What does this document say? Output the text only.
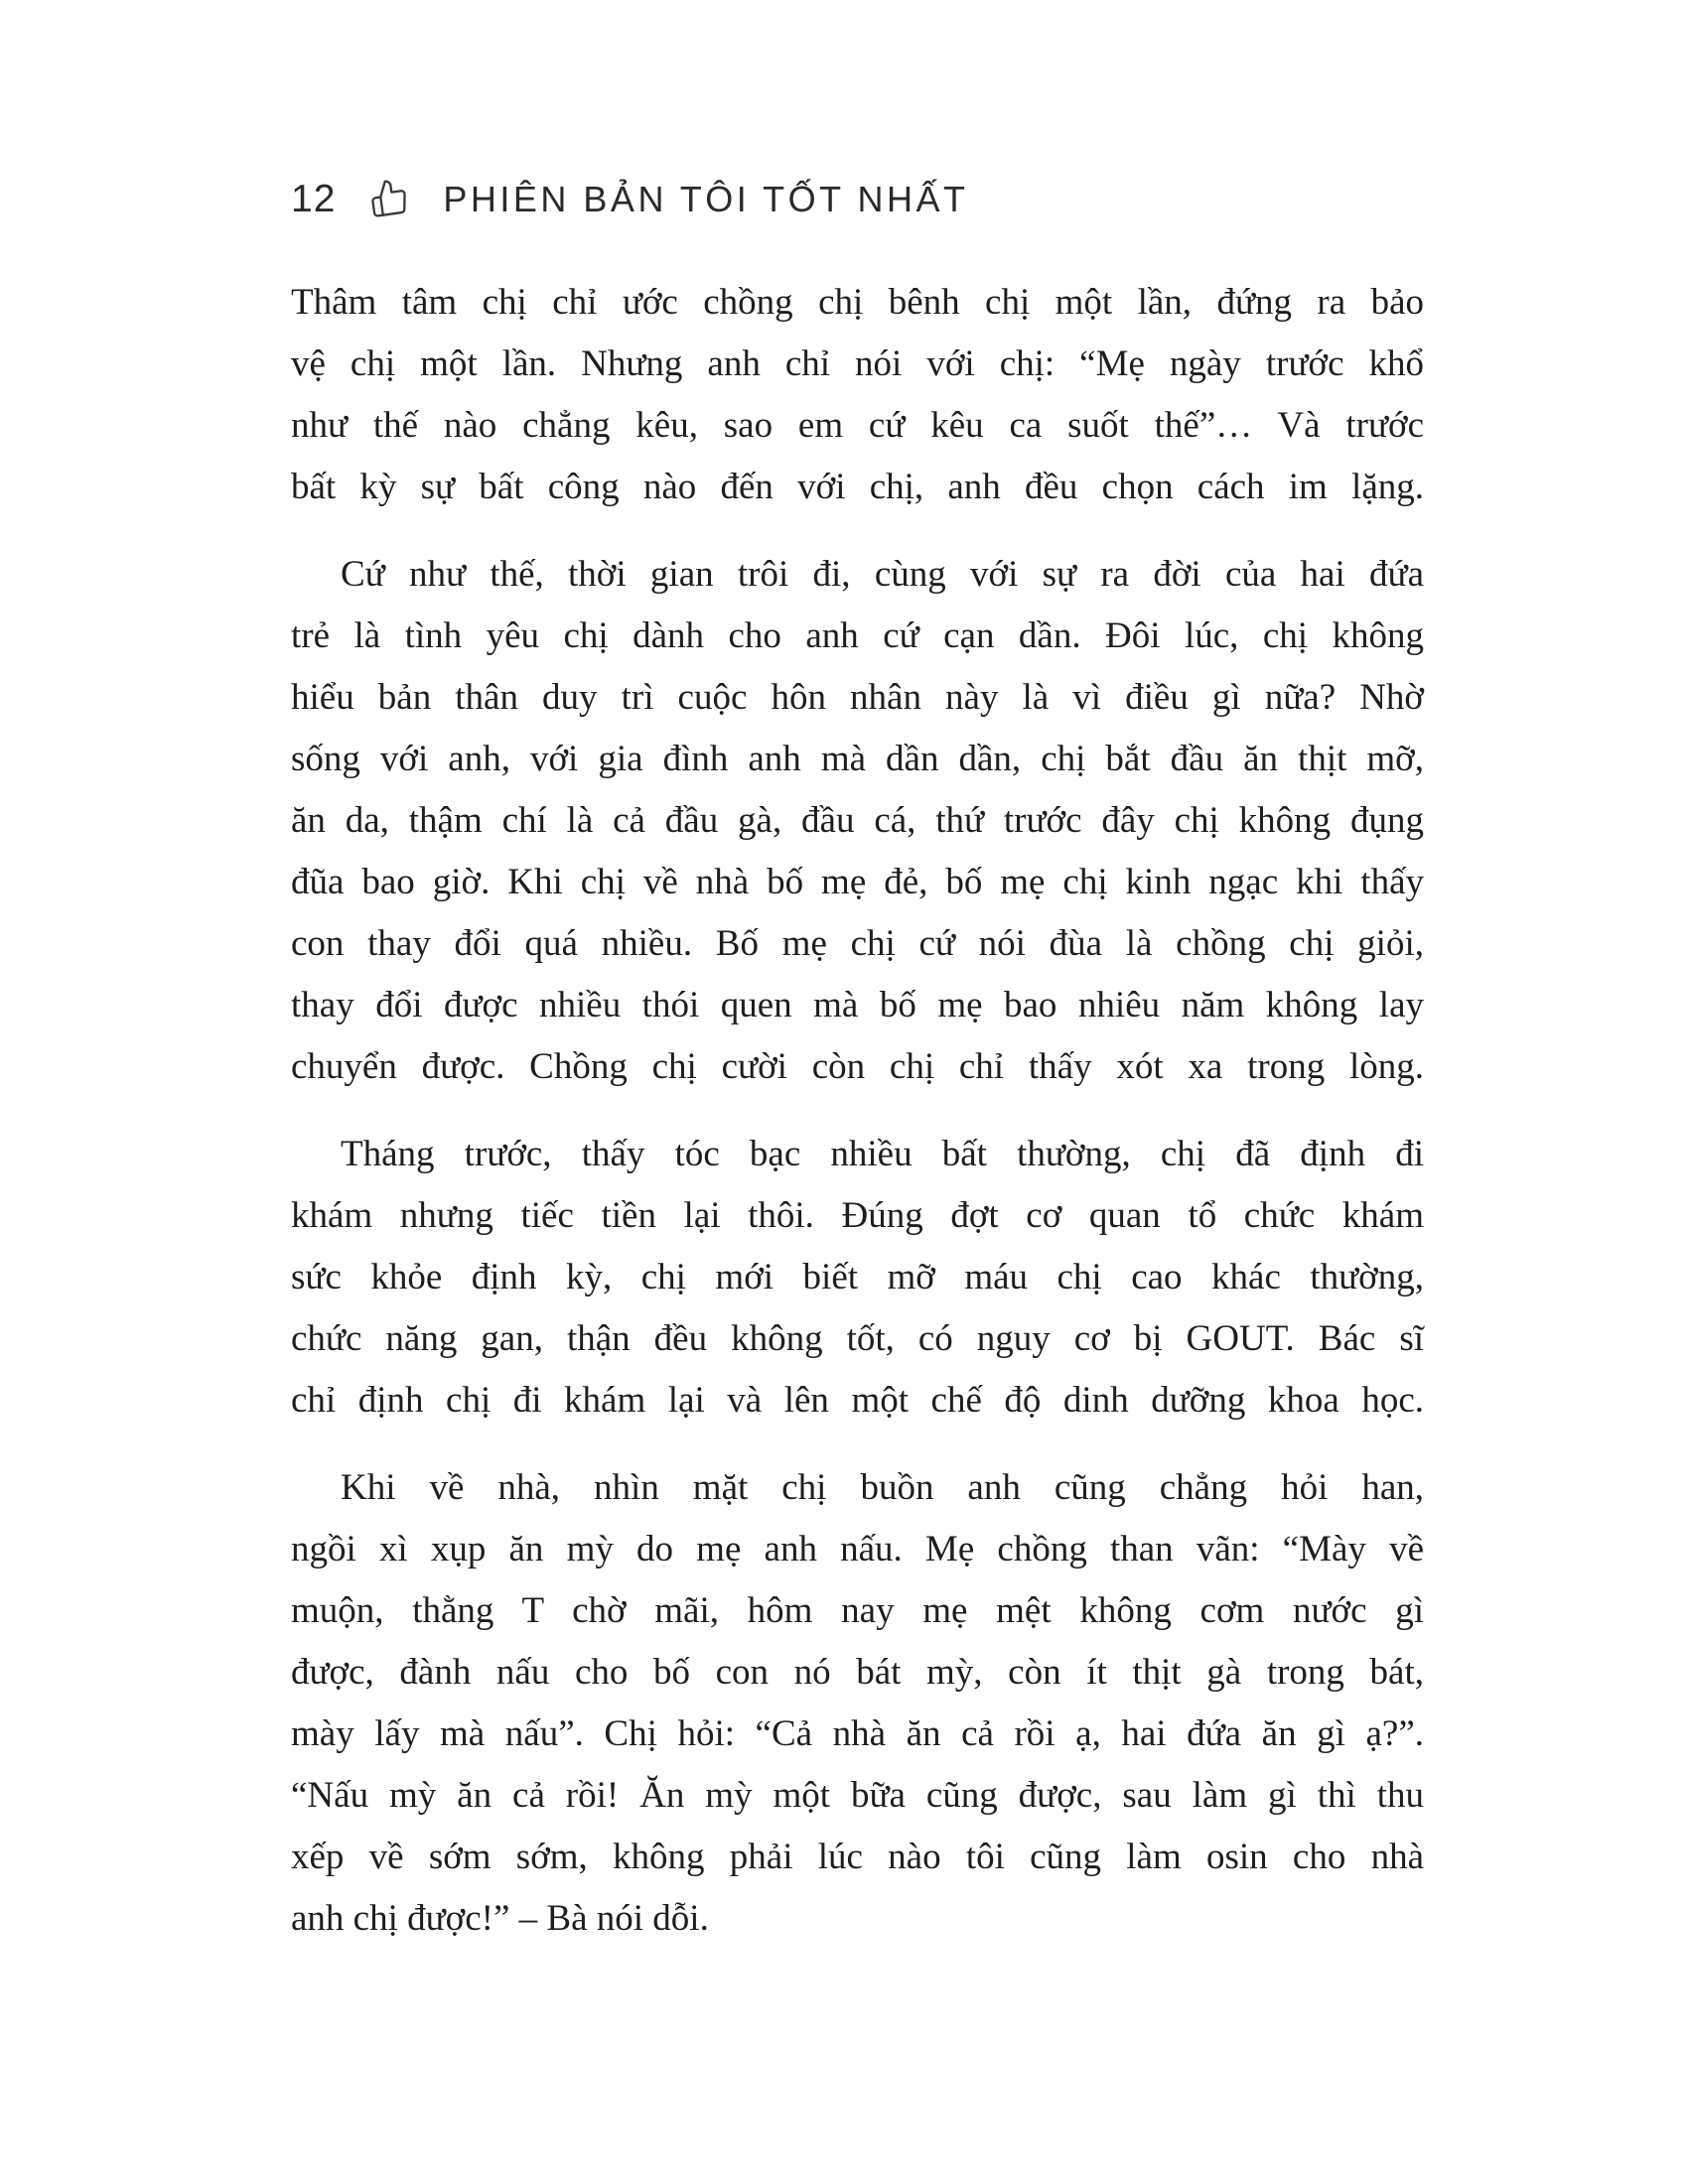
12	PHIÊN BẢN TÔI TỐT NHẤT

Thâm tâm chị chỉ ước chồng chị bênh chị một lần, đứng ra bảo
vệ chị một lần. Nhưng anh chỉ nói với chị: “Mẹ ngày trước khổ
như thế nào chẳng kêu, sao em cứ kêu ca suốt thế”… Và trước
bất kỳ sự bất công nào đến với chị, anh đều chọn cách im lặng.

Cứ như thế, thời gian trôi đi, cùng với sự ra đời của hai đứa
trẻ là tình yêu chị dành cho anh cứ cạn dần. Đôi lúc, chị không
hiểu bản thân duy trì cuộc hôn nhân này là vì điều gì nữa? Nhờ
sống với anh, với gia đình anh mà dần dần, chị bắt đầu ăn thịt mỡ,
ăn da, thậm chí là cả đầu gà, đầu cá, thứ trước đây chị không đụng
đũa bao giờ. Khi chị về nhà bố mẹ đẻ, bố mẹ chị kinh ngạc khi thấy
con thay đổi quá nhiều. Bố mẹ chị cứ nói đùa là chồng chị giỏi,
thay đổi được nhiều thói quen mà bố mẹ bao nhiêu năm không lay
chuyển được. Chồng chị cười còn chị chỉ thấy xót xa trong lòng.

Tháng trước, thấy tóc bạc nhiều bất thường, chị đã định đi
khám nhưng tiếc tiền lại thôi. Đúng đợt cơ quan tổ chức khám
sức khỏe định kỳ, chị mới biết mỡ máu chị cao khác thường,
chức năng gan, thận đều không tốt, có nguy cơ bị GOUT. Bác sĩ
chỉ định chị đi khám lại và lên một chế độ dinh dưỡng khoa học.

Khi về nhà, nhìn mặt chị buồn anh cũng chẳng hỏi han,
ngồi xì xụp ăn mỳ do mẹ anh nấu. Mẹ chồng than vãn: “Mày về
muộn, thằng T chờ mãi, hôm nay mẹ mệt không cơm nước gì
được, đành nấu cho bố con nó bát mỳ, còn ít thịt gà trong bát,
mày lấy mà nấu”. Chị hỏi: “Cả nhà ăn cả rồi ạ, hai đứa ăn gì ạ?”.
“Nấu mỳ ăn cả rồi! Ăn mỳ một bữa cũng được, sau làm gì thì thu
xếp về sớm sớm, không phải lúc nào tôi cũng làm osin cho nhà
anh chị được!” – Bà nói dỗi.
